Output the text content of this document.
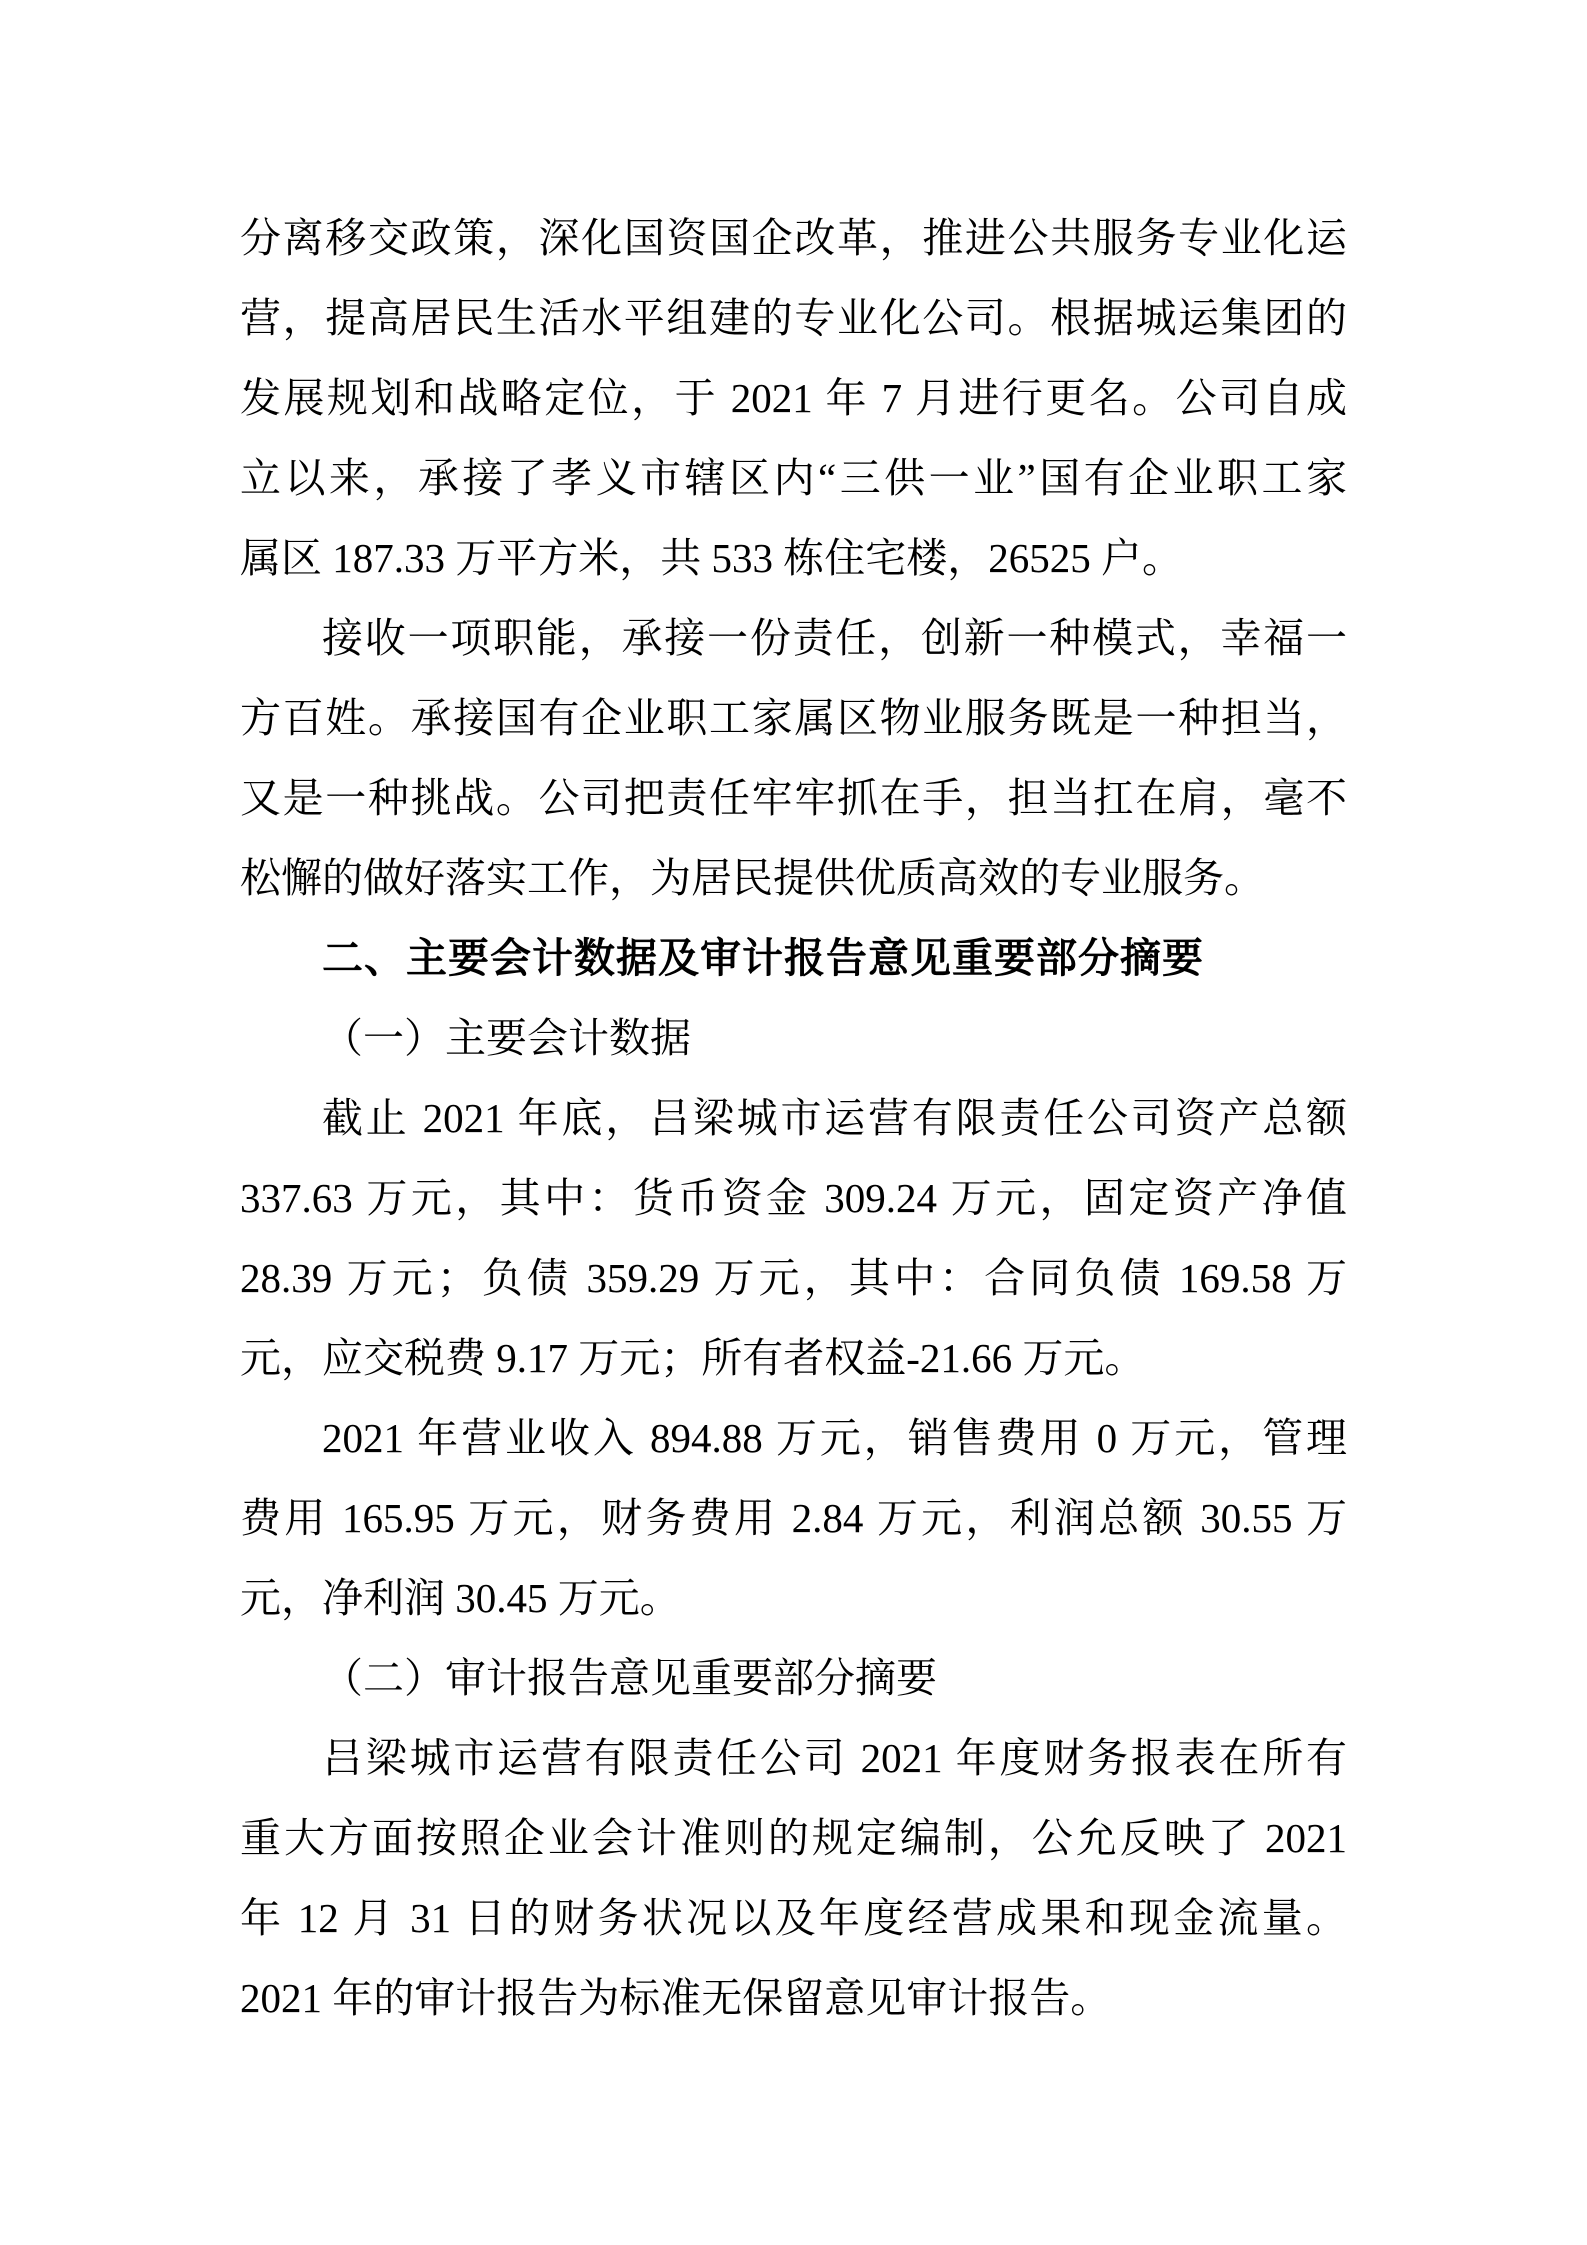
分离移交政策，深化国资国企改革，推进公共服务专业化运
营，提高居民生活水平组建的专业化公司。根据城运集团的
发展规划和战略定位，于 2021 年 7 月进行更名。公司自成
立以来，承接了孝义市辖区内“三供一业”国有企业职工家
属区 187.33 万平方米，共 533 栋住宅楼，26525 户。
接收一项职能，承接一份责任，创新一种模式，幸福一
方百姓。承接国有企业职工家属区物业服务既是一种担当，
又是一种挑战。公司把责任牢牢抓在手，担当扛在肩，毫不
松懈的做好落实工作，为居民提供优质高效的专业服务。
二、主要会计数据及审计报告意见重要部分摘要
（一）主要会计数据
截止 2021 年底，吕梁城市运营有限责任公司资产总额
337.63 万元，其中：货币资金 309.24 万元，固定资产净值
28.39 万元；负债 359.29 万元，其中：合同负债 169.58 万
元，应交税费 9.17 万元；所有者权益-21.66 万元。
2021 年营业收入 894.88 万元，销售费用 0 万元，管理
费用 165.95 万元，财务费用 2.84 万元，利润总额 30.55 万
元，净利润 30.45 万元。
（二）审计报告意见重要部分摘要
吕梁城市运营有限责任公司 2021 年度财务报表在所有
重大方面按照企业会计准则的规定编制，公允反映了 2021
年 12 月 31 日的财务状况以及年度经营成果和现金流量。
2021 年的审计报告为标准无保留意见审计报告。
